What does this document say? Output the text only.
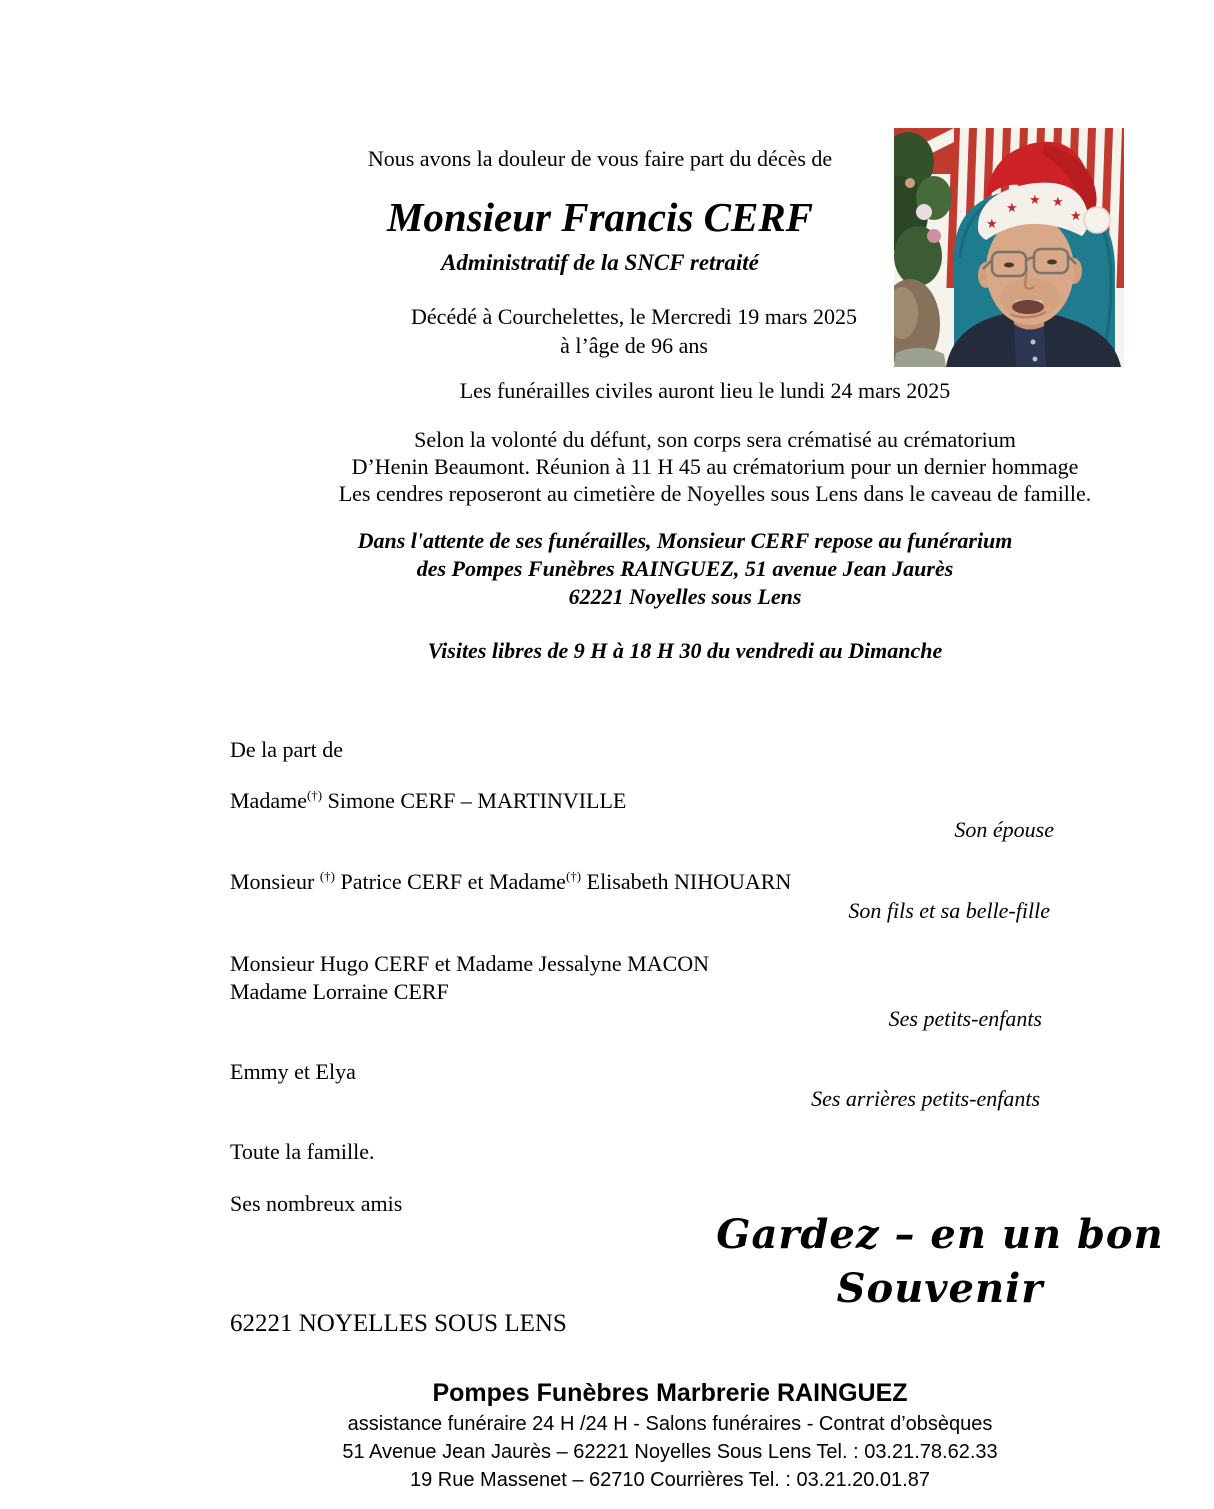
★
★
★ ★
★

Nous avons la douleur de vous faire part du décès de

Monsieur Francis CERF

Administratif de la SNCF retraité

Décédé à Courchelettes, le Mercredi 19 mars 2025
à l’âge de 96 ans

Les funérailles civiles auront lieu le lundi 24 mars 2025

Selon la volonté du défunt, son corps sera crématisé au crématorium
D’Henin Beaumont. Réunion à 11 H 45 au crématorium pour un dernier hommage
Les cendres reposeront au cimetière de Noyelles sous Lens dans le caveau de famille.

Dans l'attente de ses funérailles, Monsieur CERF repose au funérarium
des Pompes Funèbres RAINGUEZ, 51 avenue Jean Jaurès
62221 Noyelles sous Lens

Visites libres de 9 H à 18 H 30 du vendredi au Dimanche

De la part de

Madame(†) Simone CERF – MARTINVILLE

Son épouse

Monsieur (†) Patrice CERF et Madame(†) Elisabeth NIHOUARN

Son fils et sa belle-fille

Monsieur Hugo CERF et Madame Jessalyne MACON
Madame Lorraine CERF

Ses petits-enfants

Emmy et Elya

Ses arrières petits-enfants

Toute la famille.

Ses nombreux amis

Gardez – en un bon
Souvenir

62221 NOYELLES SOUS LENS

Pompes Funèbres Marbrerie RAINGUEZ
assistance funéraire 24 H /24 H - Salons funéraires - Contrat d’obsèques
51 Avenue Jean Jaurès – 62221 Noyelles Sous Lens Tel. : 03.21.78.62.33
19 Rue Massenet – 62710 Courrières Tel. : 03.21.20.01.87
